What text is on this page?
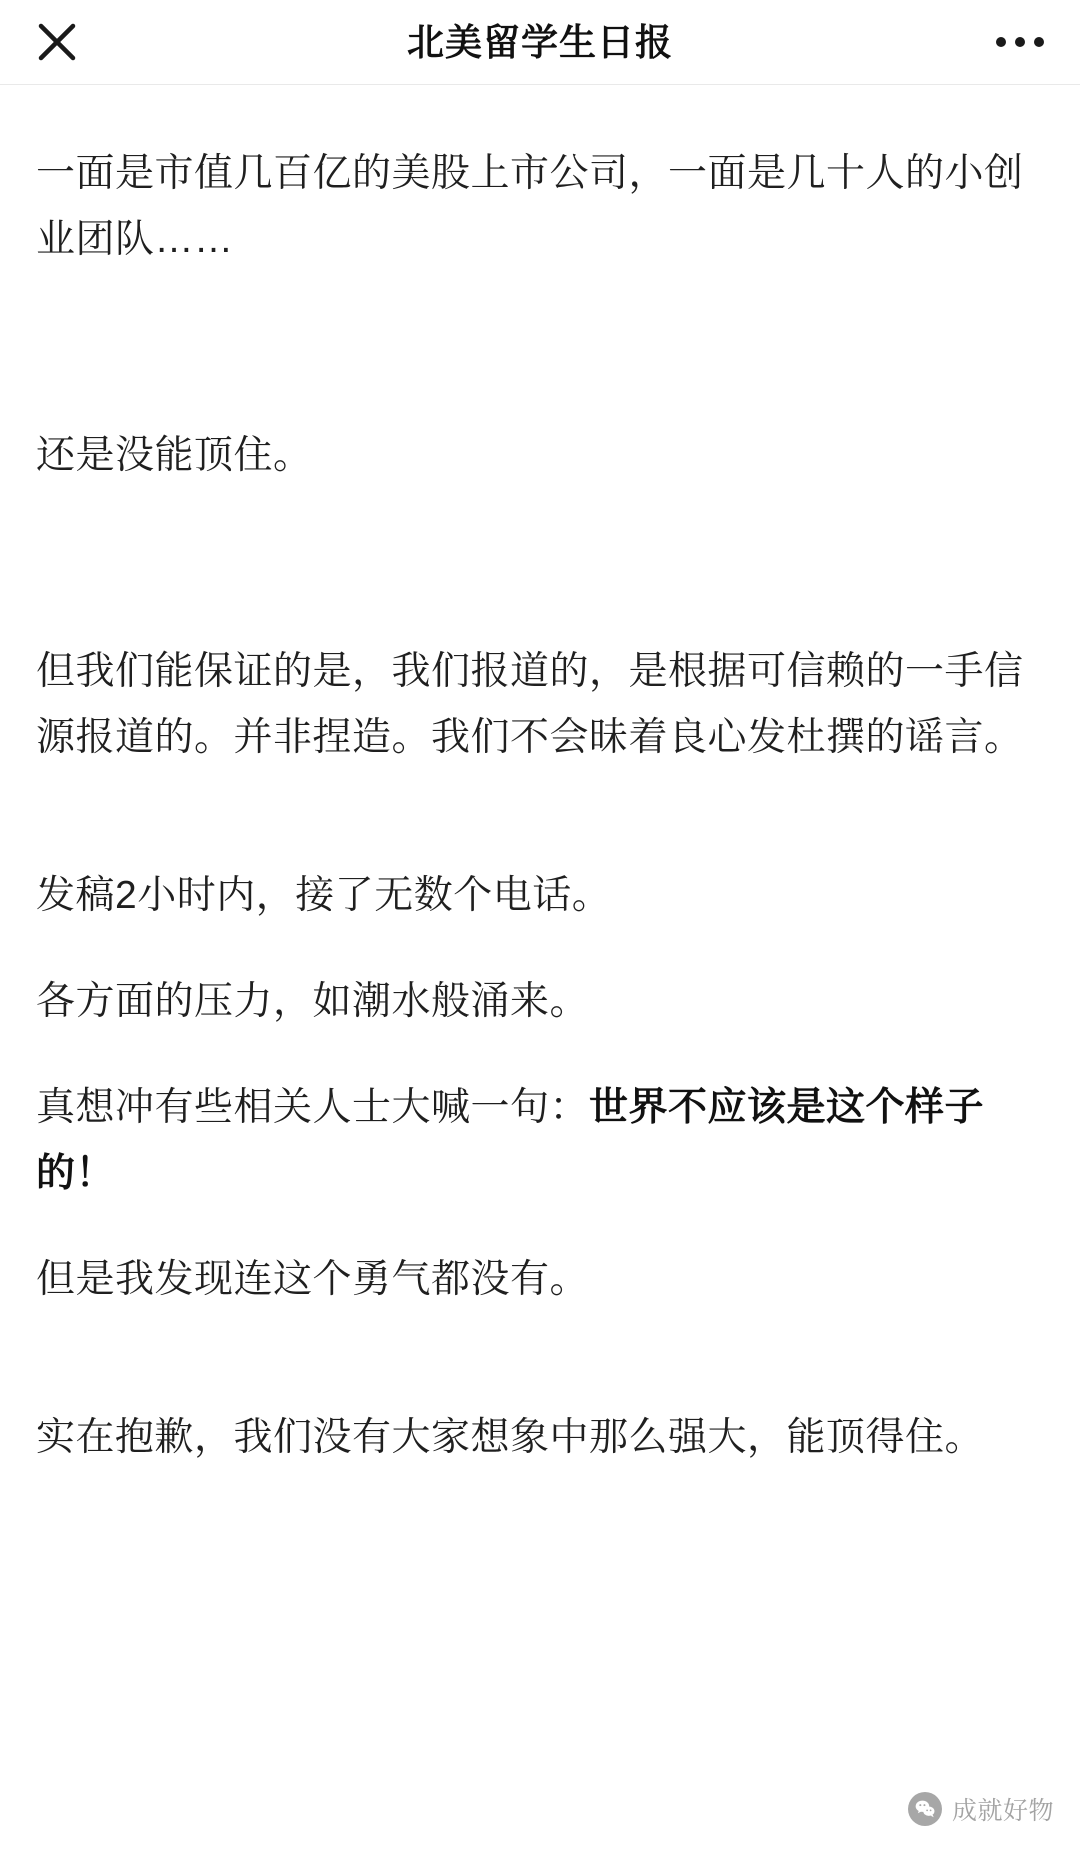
北美留学生日报

一面是市值几百亿的美股上市公司，一面是几十人的小创业团队……

还是没能顶住。

但我们能保证的是，我们报道的，是根据可信赖的一手信源报道的。并非捏造。我们不会昧着良心发杜撰的谣言。

发稿2小时内，接了无数个电话。

各方面的压力，如潮水般涌来。

真想冲有些相关人士大喊一句：世界不应该是这个样子的！

但是我发现连这个勇气都没有。

实在抱歉，我们没有大家想象中那么强大，能顶得住。

成就好物
